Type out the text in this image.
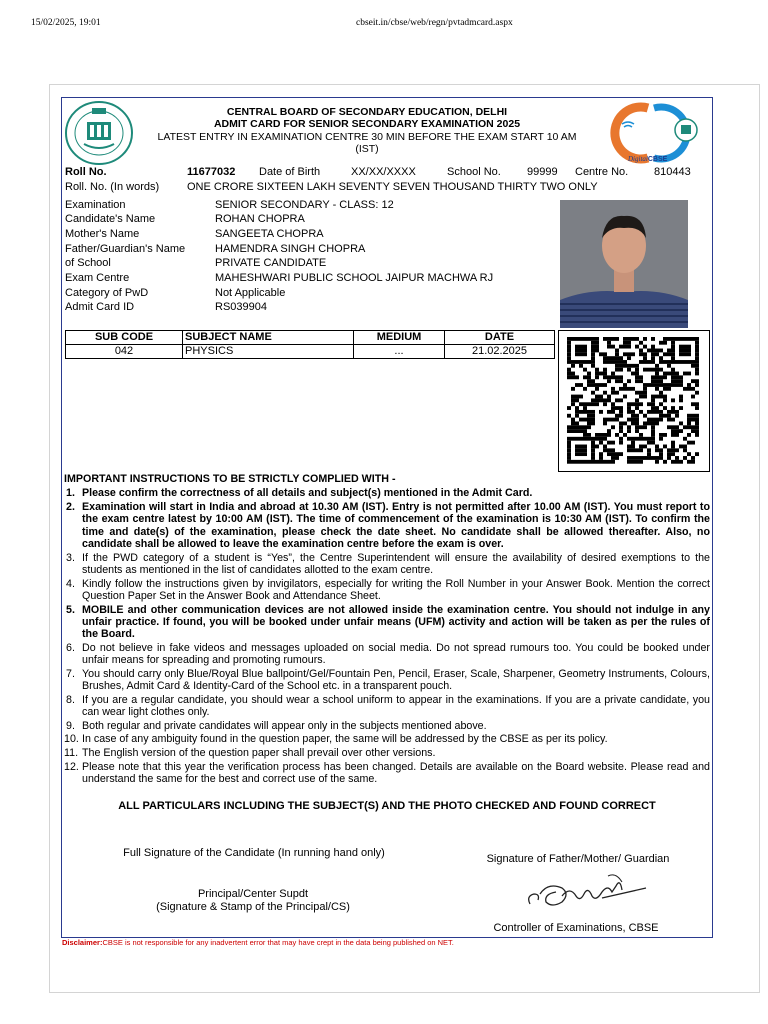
15/02/2025, 19:01	cbseit.in/cbse/web/regn/pvtadmcard.aspx
DigitalCBSE
CENTRAL BOARD OF SECONDARY EDUCATION, DELHI
ADMIT CARD FOR SENIOR SECONDARY EXAMINATION 2025
LATEST ENTRY IN EXAMINATION CENTRE 30 MIN BEFORE THE EXAM START 10 AM
(IST)
Roll No.	11677032 Date of Birth	XX/XX/XXXX	School No. 99999 Centre No. 810443
Roll. No. (In words)	ONE CRORE SIXTEEN LAKH SEVENTY SEVEN THOUSAND THIRTY TWO ONLY
Examination	SENIOR SECONDARY - CLASS: 12
Candidate's Name	ROHAN CHOPRA
Mother's Name	SANGEETA CHOPRA
Father/Guardian's Name	HAMENDRA SINGH CHOPRA
of School	PRIVATE CANDIDATE
Exam Centre	MAHESHWARI PUBLIC SCHOOL JAIPUR MACHWA RJ
Category of PwD	Not Applicable
Admit Card ID	RS039904
SUB CODE	SUBJECT NAME	MEDIUM	DATE
042	PHYSICS	...	21.02.2025
IMPORTANT INSTRUCTIONS TO BE STRICTLY COMPLIED WITH -
1. Please confirm the correctness of all details and subject(s) mentioned in the Admit Card.
2. Examination will start in India and abroad at 10.30 AM (IST). Entry is not permitted after 10.00 AM (IST). You must report to the exam centre latest by 10:00 AM (IST). The time of commencement of the examination is 10:30 AM (IST). To confirm the time and date(s) of the examination, please check the date sheet. No candidate shall be allowed thereafter. Also, no candidate shall be allowed to leave the examination centre before the exam is over.
3. If the PWD category of a student is “Yes”, the Centre Superintendent will ensure the availability of desired exemptions to the students as mentioned in the list of candidates allotted to the exam centre.
4. Kindly follow the instructions given by invigilators, especially for writing the Roll Number in your Answer Book. Mention the correct Question Paper Set in the Answer Book and Attendance Sheet.
5. MOBILE and other communication devices are not allowed inside the examination centre. You should not indulge in any unfair practice. If found, you will be booked under unfair means (UFM) activity and action will be taken as per the rules of the Board.
6. Do not believe in fake videos and messages uploaded on social media. Do not spread rumours too. You could be booked under unfair means for spreading and promoting rumours.
7. You should carry only Blue/Royal Blue ballpoint/Gel/Fountain Pen, Pencil, Eraser, Scale, Sharpener, Geometry Instruments, Colours, Brushes, Admit Card & Identity-Card of the School etc. in a transparent pouch.
8. If you are a regular candidate, you should wear a school uniform to appear in the examinations. If you are a private candidate, you can wear light clothes only.
9. Both regular and private candidates will appear only in the subjects mentioned above.
10. In case of any ambiguity found in the question paper, the same will be addressed by the CBSE as per its policy.
11. The English version of the question paper shall prevail over other versions.
12. Please note that this year the verification process has been changed. Details are available on the Board website. Please read and understand the same for the best and correct use of the same.
ALL PARTICULARS INCLUDING THE SUBJECT(S) AND THE PHOTO CHECKED AND FOUND CORRECT
Full Signature of the Candidate (In running hand only)	Signature of Father/Mother/ Guardian
Principal/Center Supdt
(Signature & Stamp of the Principal/CS)
Controller of Examinations, CBSE
Disclaimer:CBSE is not responsible for any inadvertent error that may have crept in the data being published on NET.
